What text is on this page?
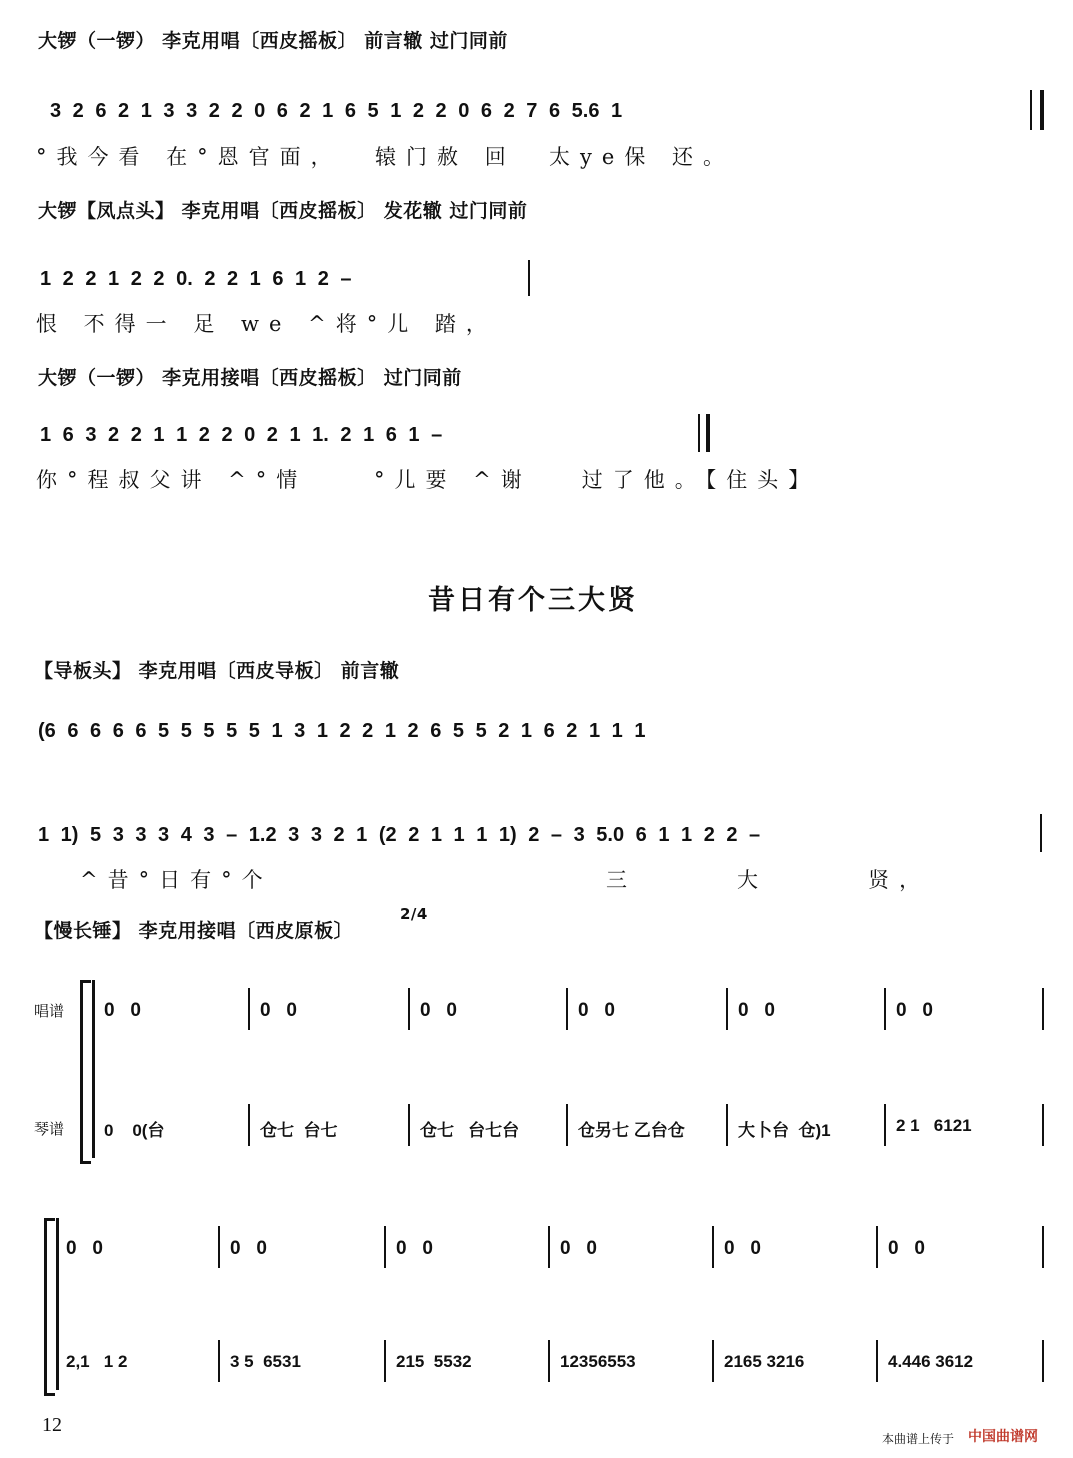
大锣（一锣） 李克用唱〔西皮摇板〕 前言辙 过门同前
3 2 6 2 1 3 3 2 2 0 6 2 1 6 5 1 2 2 0 6 2 7 6 5.6 1
°我今看 在°恩官面，  辕门赦 回  太ye保 还。
大锣【凤点头】 李克用唱〔西皮摇板〕 发花辙 过门同前
1 2 2 1 2 2 0. 2 2 1 6 1 2 –
恨 不得一 足 we ^将°儿 踏，
大锣（一锣） 李克用接唱〔西皮摇板〕 过门同前
1 6 3 2 2 1 1 2 2 0 2 1 1. 2 1 6 1 –
你°程叔父讲 ^°情    °儿要 ^谢   过了他。【住头】
昔日有个三大贤
【导板头】 李克用唱〔西皮导板〕 前言辙
(6 6 6 6 6 5 5 5 5 5 1 3 1 2 2 1 2 6 5 5 2 1 6 2 1 1 1
1 1) 5 3 3 3 4 3 – 1.2 3 3 2 1 (2 2 1 1 1 1) 2 – 3 5.0 6 1 1 2 2 –
^昔°日有°个	三      大      贤，
【慢长锤】 李克用接唱〔西皮原板〕
2/4
唱谱
琴谱
0   0
0    0(台
0   0
仓七  台七
0   0
仓七   台七台
0   0
仓另七 乙台仓
0   0
大卜台  仓)1
0   0
2 1   6121
0   0
2,1   1 2
0   0
3 5  6531
0   0
215  5532
0   0
12356553
0   0
2165 3216
0   0
4.446 3612
12
本曲谱上传于 中国曲谱网
